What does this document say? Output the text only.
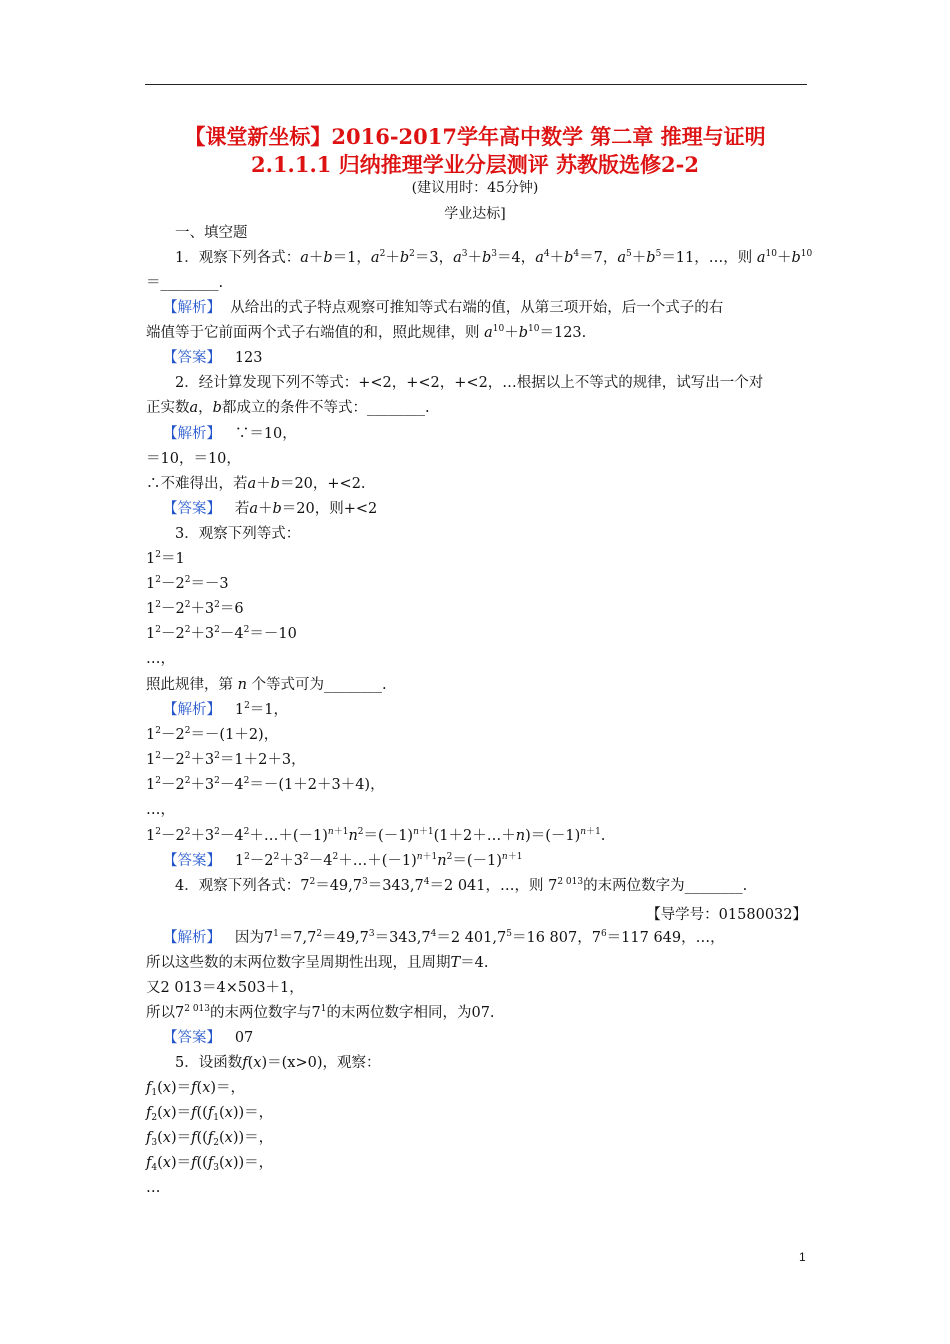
【课堂新坐标】2016-2017学年高中数学 第二章 推理与证明
2.1.1.1 归纳推理学业分层测评 苏教版选修2-2
(建议用时：45分钟)
学业达标]
一、填空题
1．观察下列各式：a＋b＝1，$a^2+b^2=3$，$a^3+b^3=4$，$a^4+b^4=7$，$a^5+b^5=11$，…，则 $a^{10}+b^{10}$
＝________.
【解析】 从给出的式子特点观察可推知等式右端的值，从第三项开始，后一个式子的右
端值等于它前面两个式子右端值的和，照此规律，则 $a^{10}+b^{10}=123$.
【答案】 123
2．经计算发现下列不等式：+<2，+<2，+<2，…根据以上不等式的规律，试写出一个对
正实数a，b都成立的条件不等式：________.
【解析】 ∵＝10，
＝10，＝10，
∴不难得出，若a＋b＝20，+<2.
【答案】 若a＋b＝20，则+<2
3．观察下列等式：
$1^2=1$
$1^2-2^2=-3$
$1^2-2^2+3^2=6$
$1^2-2^2+3^2-4^2=-10$
…，
照此规律，第 n 个等式可为________.
【解析】   $1^2=1$，
$1^2-2^2=-(1+2)$，
$1^2-2^2+3^2=1+2+3$，
$1^2-2^2+3^2-4^2=-(1+2+3+4)$，
…，
$1^2-2^2+3^2-4^2+\dots+(-1)^{n+1}n^2=(-1)^{n+1}(1+2+\dots+n)=(-1)^{n+1}$.
【答案】   $1^2-2^2+3^2-4^2+\dots+(-1)^{n+1}n^2=(-1)^{n+1}$
4．观察下列各式：$7^2=49,7^3=343,7^4=2$ 041，…，则 $7^{2 013}$的末两位数字为________.
【导学号：01580032】
【解析】 因为$7^1=7,7^2=49,7^3=343,7^4=2$ $401,7^5=16$ 807，$7^6=117$ 649，…，
所以这些数的末两位数字呈周期性出现，且周期T＝4.
又2 013＝4×503＋1，
所以$7^{2 013}$的末两位数字与$7^1$的末两位数字相同，为07.
【答案】 07
5．设函数f(x)＝(x>0)，观察：
$f_1(x)=f(x)=$，
$f_2(x)=f((f_1(x))=$，
$f_3(x)=f((f_2(x))=$，
$f_4(x)=f((f_3(x))=$，
…
1
